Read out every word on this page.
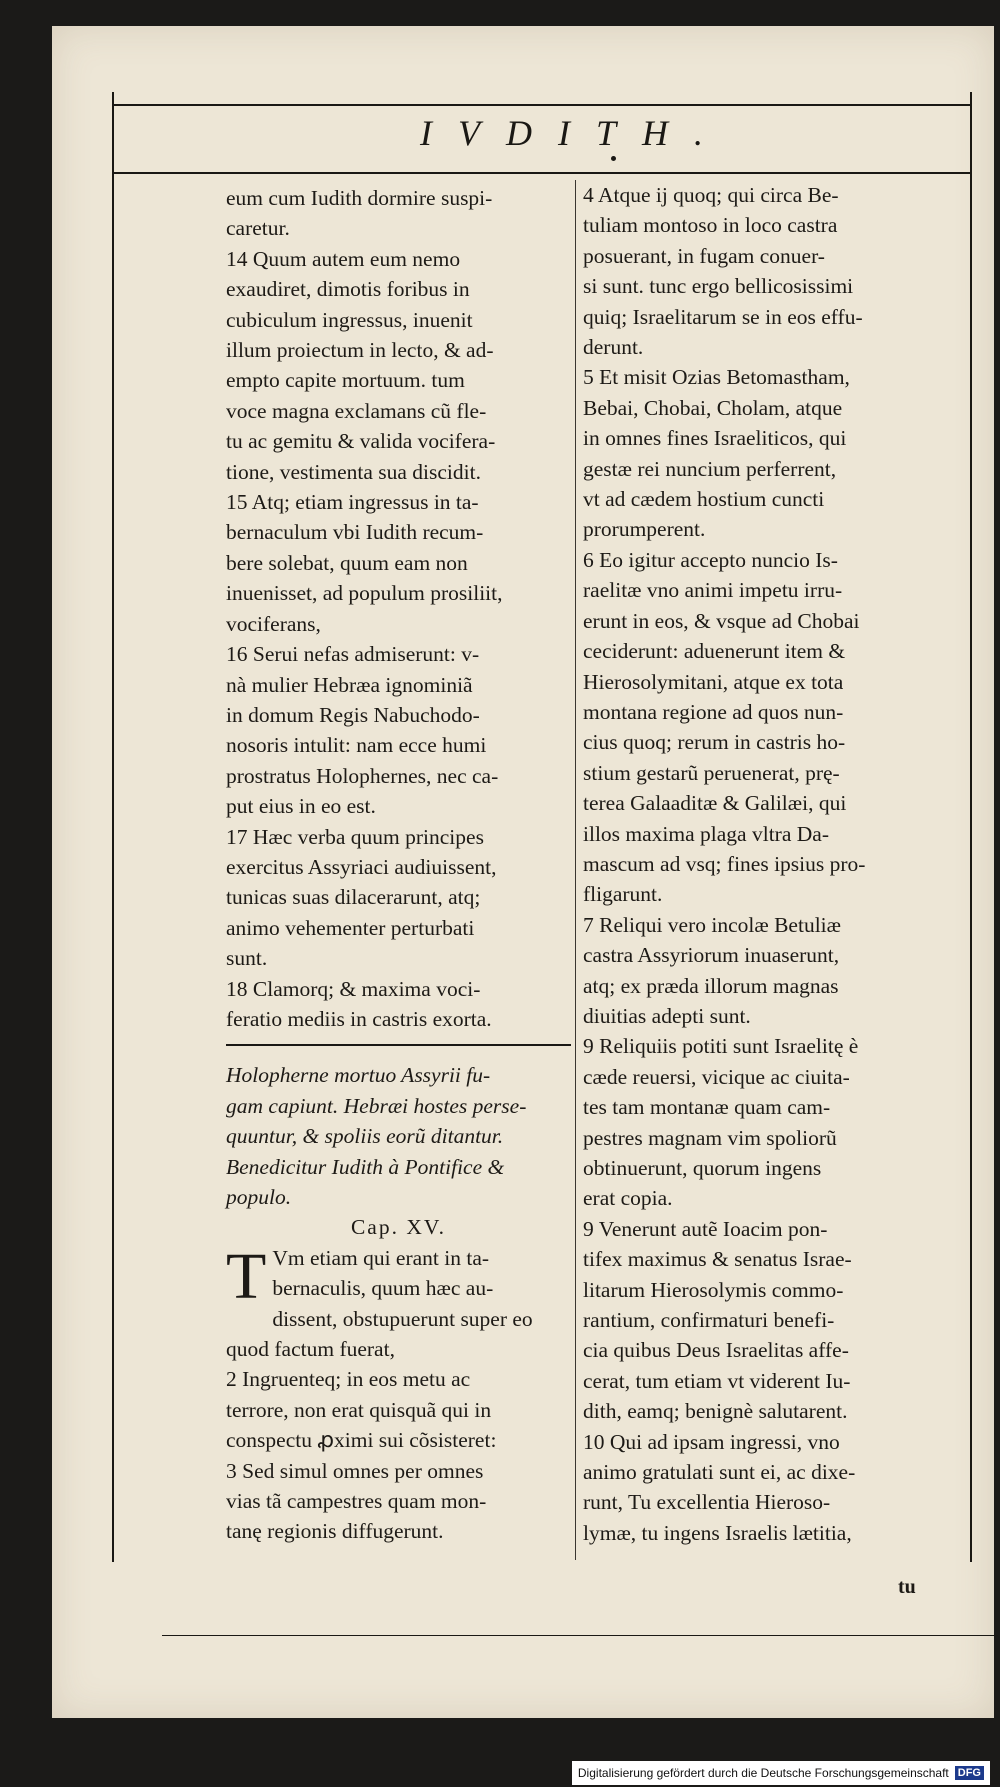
IVDITH.

eum cum Iudith dormire suspi-

caretur.

14 Quum autem eum nemo

exaudiret, dimotis foribus in

cubiculum ingressus, inuenit

illum proiectum in lecto, & ad-

empto capite mortuum. tum

voce magna exclamans cũ fle-

tu ac gemitu & valida vocifera-

tione, vestimenta sua discidit.

15 Atq; etiam ingressus in ta-

bernaculum vbi Iudith recum-

bere solebat, quum eam non

inuenisset, ad populum prosiliit,

vociferans,

16 Serui nefas admiserunt: v-

nà mulier Hebræa ignominiã

in domum Regis Nabuchodo-

nosoris intulit: nam ecce humi

prostratus Holophernes, nec ca-

put eius in eo est.

17 Hæc verba quum principes

exercitus Assyriaci audiuissent,

tunicas suas dilacerarunt, atq;

animo vehementer perturbati

sunt.

18 Clamorq; & maxima voci-

feratio mediis in castris exorta.

Holopherne mortuo Assyrii fu-

gam capiunt. Hebræi hostes perse-

quuntur, & spoliis eorũ ditantur.

Benedicitur Iudith à Pontifice &

populo.

Cap. XV.

T Vm etiam qui erant in ta-

bernaculis, quum hæc au-

dissent, obstupuerunt super eo

quod factum fuerat,

2 Ingruenteq; in eos metu ac

terrore, non erat quisquã qui in

conspectu ꝓximi sui cõsisteret:

3 Sed simul omnes per omnes

vias tã campestres quam mon-

tanę regionis diffugerunt.

4 Atque ij quoq; qui circa Be-

tuliam montoso in loco castra

posuerant, in fugam conuer-

si sunt. tunc ergo bellicosissimi

quiq; Israelitarum se in eos effu-

derunt.

5 Et misit Ozias Betomastham,

Bebai, Chobai, Cholam, atque

in omnes fines Israeliticos, qui

gestæ rei nuncium perferrent,

vt ad cædem hostium cuncti

prorumperent.

6 Eo igitur accepto nuncio Is-

raelitæ vno animi impetu irru-

erunt in eos, & vsque ad Chobai

ceciderunt: aduenerunt item &

Hierosolymitani, atque ex tota

montana regione ad quos nun-

cius quoq; rerum in castris ho-

stium gestarũ peruenerat, prę-

terea Galaaditæ & Galilæi, qui

illos maxima plaga vltra Da-

mascum ad vsq; fines ipsius pro-

fligarunt.

7 Reliqui vero incolæ Betuliæ

castra Assyriorum inuaserunt,

atq; ex præda illorum magnas

diuitias adepti sunt.

9 Reliquiis potiti sunt Israelitę è

cæde reuersi, vicique ac ciuita-

tes tam montanæ quam cam-

pestres magnam vim spoliorũ

obtinuerunt, quorum ingens

erat copia.

9 Venerunt autẽ Ioacim pon-

tifex maximus & senatus Israe-

litarum Hierosolymis commo-

rantium, confirmaturi benefi-

cia quibus Deus Israelitas affe-

cerat, tum etiam vt viderent Iu-

dith, eamq; benignè salutarent.

10 Qui ad ipsam ingressi, vno

animo gratulati sunt ei, ac dixe-

runt, Tu excellentia Hieroso-

lymæ, tu ingens Israelis lætitia,

tu
Digitalisierung gefördert durch die Deutsche Forschungsgemeinschaft DFG
